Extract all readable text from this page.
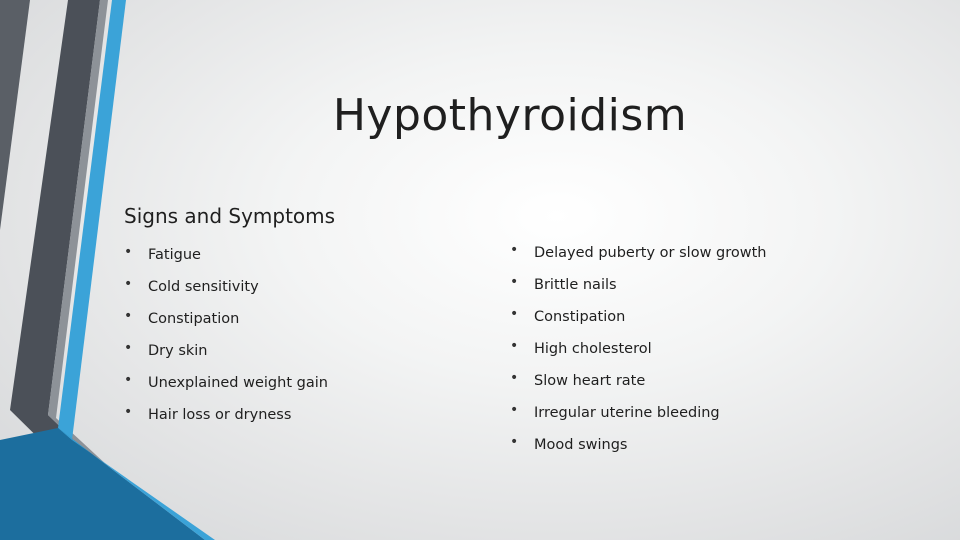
Hypothyroidism
Signs and Symptoms
• Fatigue
• Cold sensitivity
• Constipation
• Dry skin
• Unexplained weight gain
• Hair loss or dryness
• Delayed puberty or slow growth
• Brittle nails
• Constipation
• High cholesterol
• Slow heart rate
• Irregular uterine bleeding
• Mood swings
